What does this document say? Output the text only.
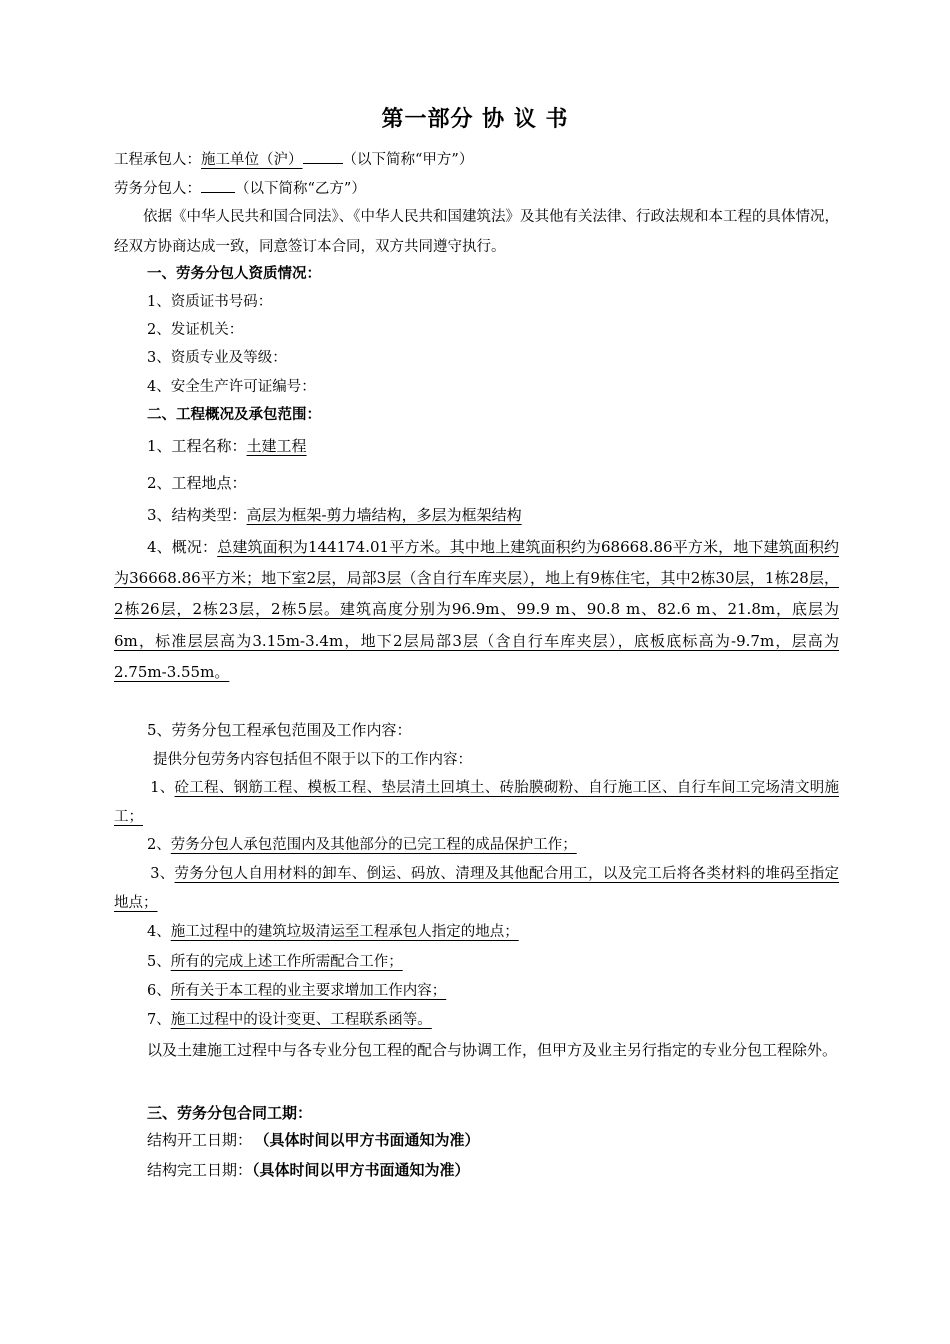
第一部分 协 议 书
工程承包人：施工单位（沪）	（以下简称“甲方”）
劳务分包人： （以下简称“乙方”）
依据《中华人民共和国合同法》、《中华人民共和国建筑法》及其他有关法律、行政法规和本工程的具体情况，经双方协商达成一致，同意签订本合同，双方共同遵守执行。
一、劳务分包人资质情况：
1、资质证书号码：
2、发证机关：
3、资质专业及等级：
4、安全生产许可证编号：
二、工程概况及承包范围：
1、工程名称：土建工程
2、工程地点：
3、结构类型：高层为框架-剪力墙结构，多层为框架结构
4、概况：总建筑面积为144174.01平方米。其中地上建筑面积约为68668.86平方米，地下建筑面积约为36668.86平方米；地下室2层，局部3层（含自行车库夹层），地上有9栋住宅，其中2栋30层，1栋28层，2栋26层，2栋23层，2栋5层。建筑高度分别为96.9m、99.9 m、90.8 m、82.6 m、21.8m，底层为6m，标准层层高为3.15m-3.4m，地下2层局部3层（含自行车库夹层），底板底标高为-9.7m，层高为2.75m-3.55m。
5、劳务分包工程承包范围及工作内容：
提供分包劳务内容包括但不限于以下的工作内容：
1、砼工程、钢筋工程、模板工程、垫层清土回填土、砖胎膜砌粉、自行施工区、自行车间工完场清文明施工；
2、劳务分包人承包范围内及其他部分的已完工程的成品保护工作；
3、劳务分包人自用材料的卸车、倒运、码放、清理及其他配合用工，以及完工后将各类材料的堆码至指定地点；
4、施工过程中的建筑垃圾清运至工程承包人指定的地点；
5、所有的完成上述工作所需配合工作；
6、所有关于本工程的业主要求增加工作内容；
7、施工过程中的设计变更、工程联系函等。
以及土建施工过程中与各专业分包工程的配合与协调工作，但甲方及业主另行指定的专业分包工程除外。
三、劳务分包合同工期：
结构开工日期： （具体时间以甲方书面通知为准）
结构完工日期：（具体时间以甲方书面通知为准）
